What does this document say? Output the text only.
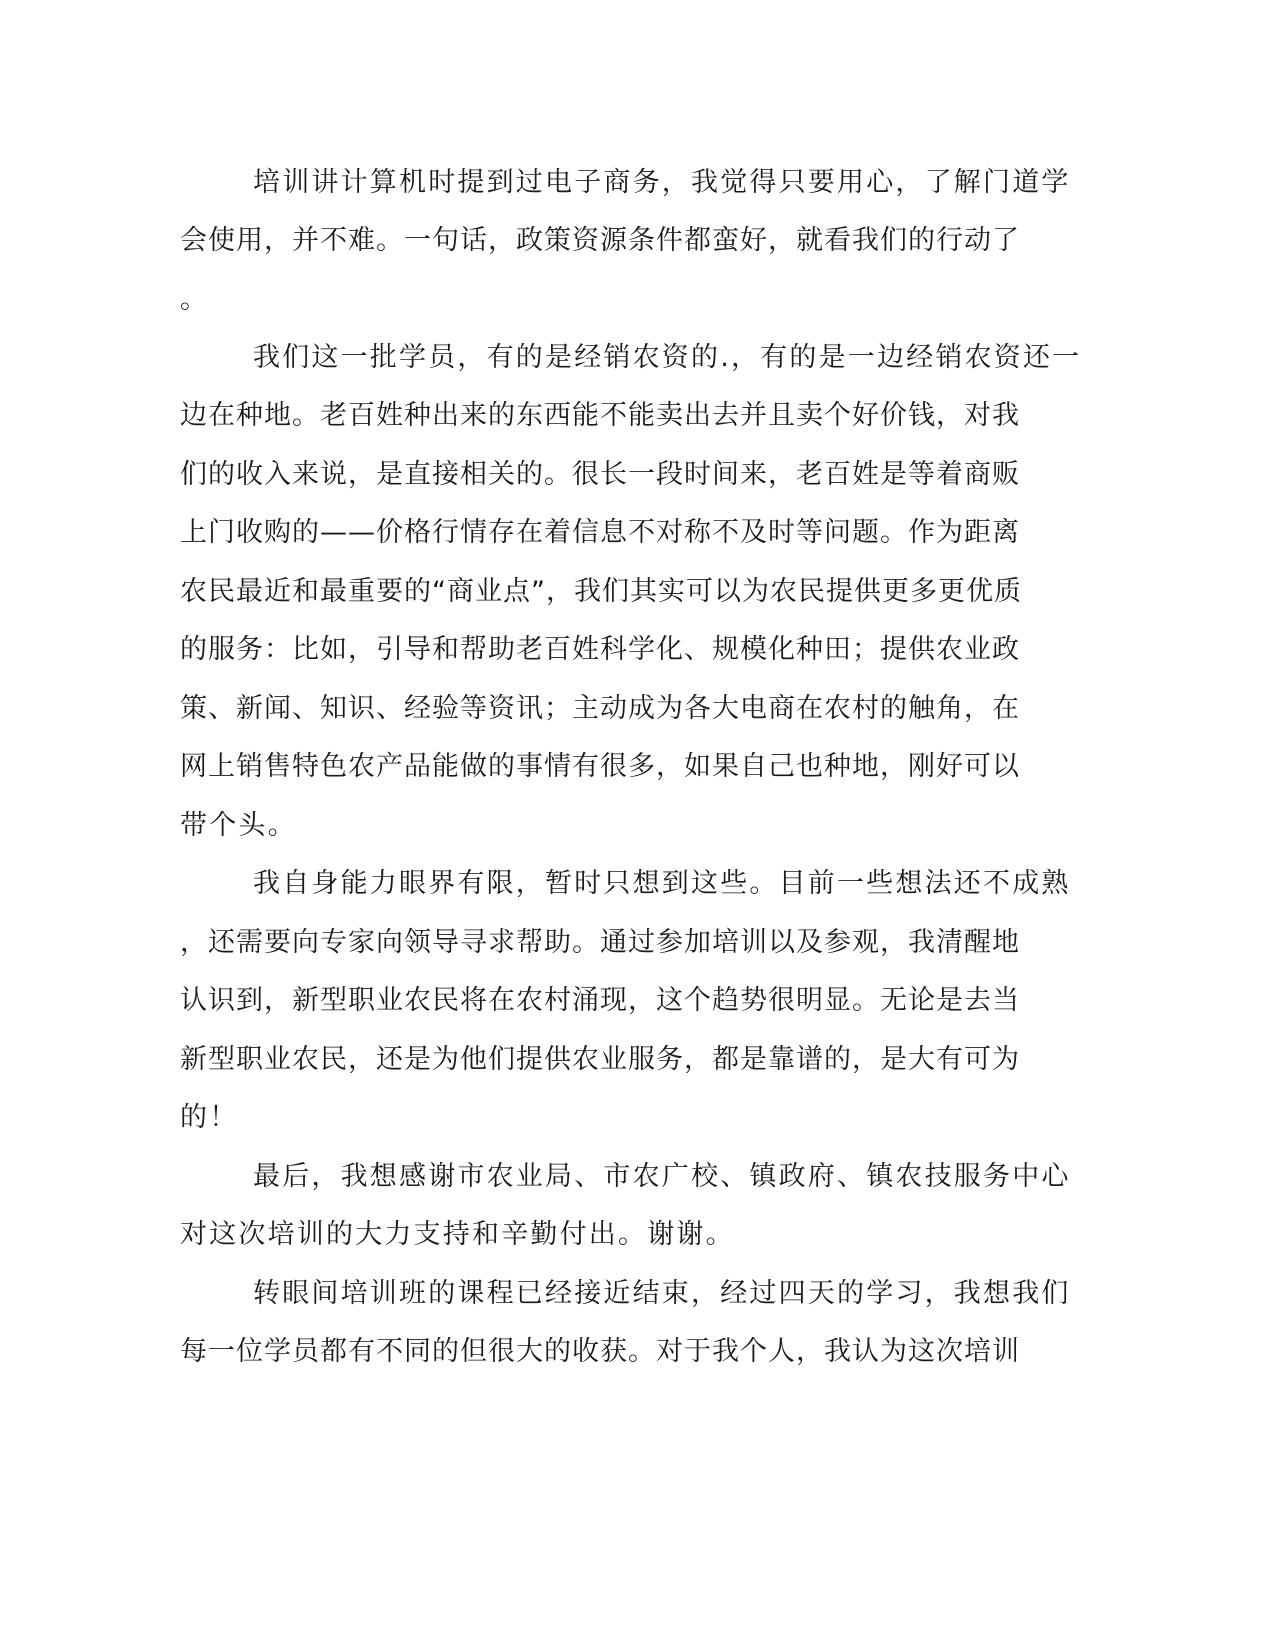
培训讲计算机时提到过电子商务，我觉得只要用心，了解门道学
会使用，并不难。一句话，政策资源条件都蛮好，就看我们的行动了
。
我们这一批学员，有的是经销农资的.，有的是一边经销农资还一
边在种地。老百姓种出来的东西能不能卖出去并且卖个好价钱，对我
们的收入来说，是直接相关的。很长一段时间来，老百姓是等着商贩
上门收购的——价格行情存在着信息不对称不及时等问题。作为距离
农民最近和最重要的“商业点”，我们其实可以为农民提供更多更优质
的服务：比如，引导和帮助老百姓科学化、规模化种田；提供农业政
策、新闻、知识、经验等资讯；主动成为各大电商在农村的触角，在
网上销售特色农产品能做的事情有很多，如果自己也种地，刚好可以
带个头。
我自身能力眼界有限，暂时只想到这些。目前一些想法还不成熟
，还需要向专家向领导寻求帮助。通过参加培训以及参观，我清醒地
认识到，新型职业农民将在农村涌现，这个趋势很明显。无论是去当
新型职业农民，还是为他们提供农业服务，都是靠谱的，是大有可为
的！
最后，我想感谢市农业局、市农广校、镇政府、镇农技服务中心
对这次培训的大力支持和辛勤付出。谢谢。
转眼间培训班的课程已经接近结束，经过四天的学习，我想我们
每一位学员都有不同的但很大的收获。对于我个人，我认为这次培训
